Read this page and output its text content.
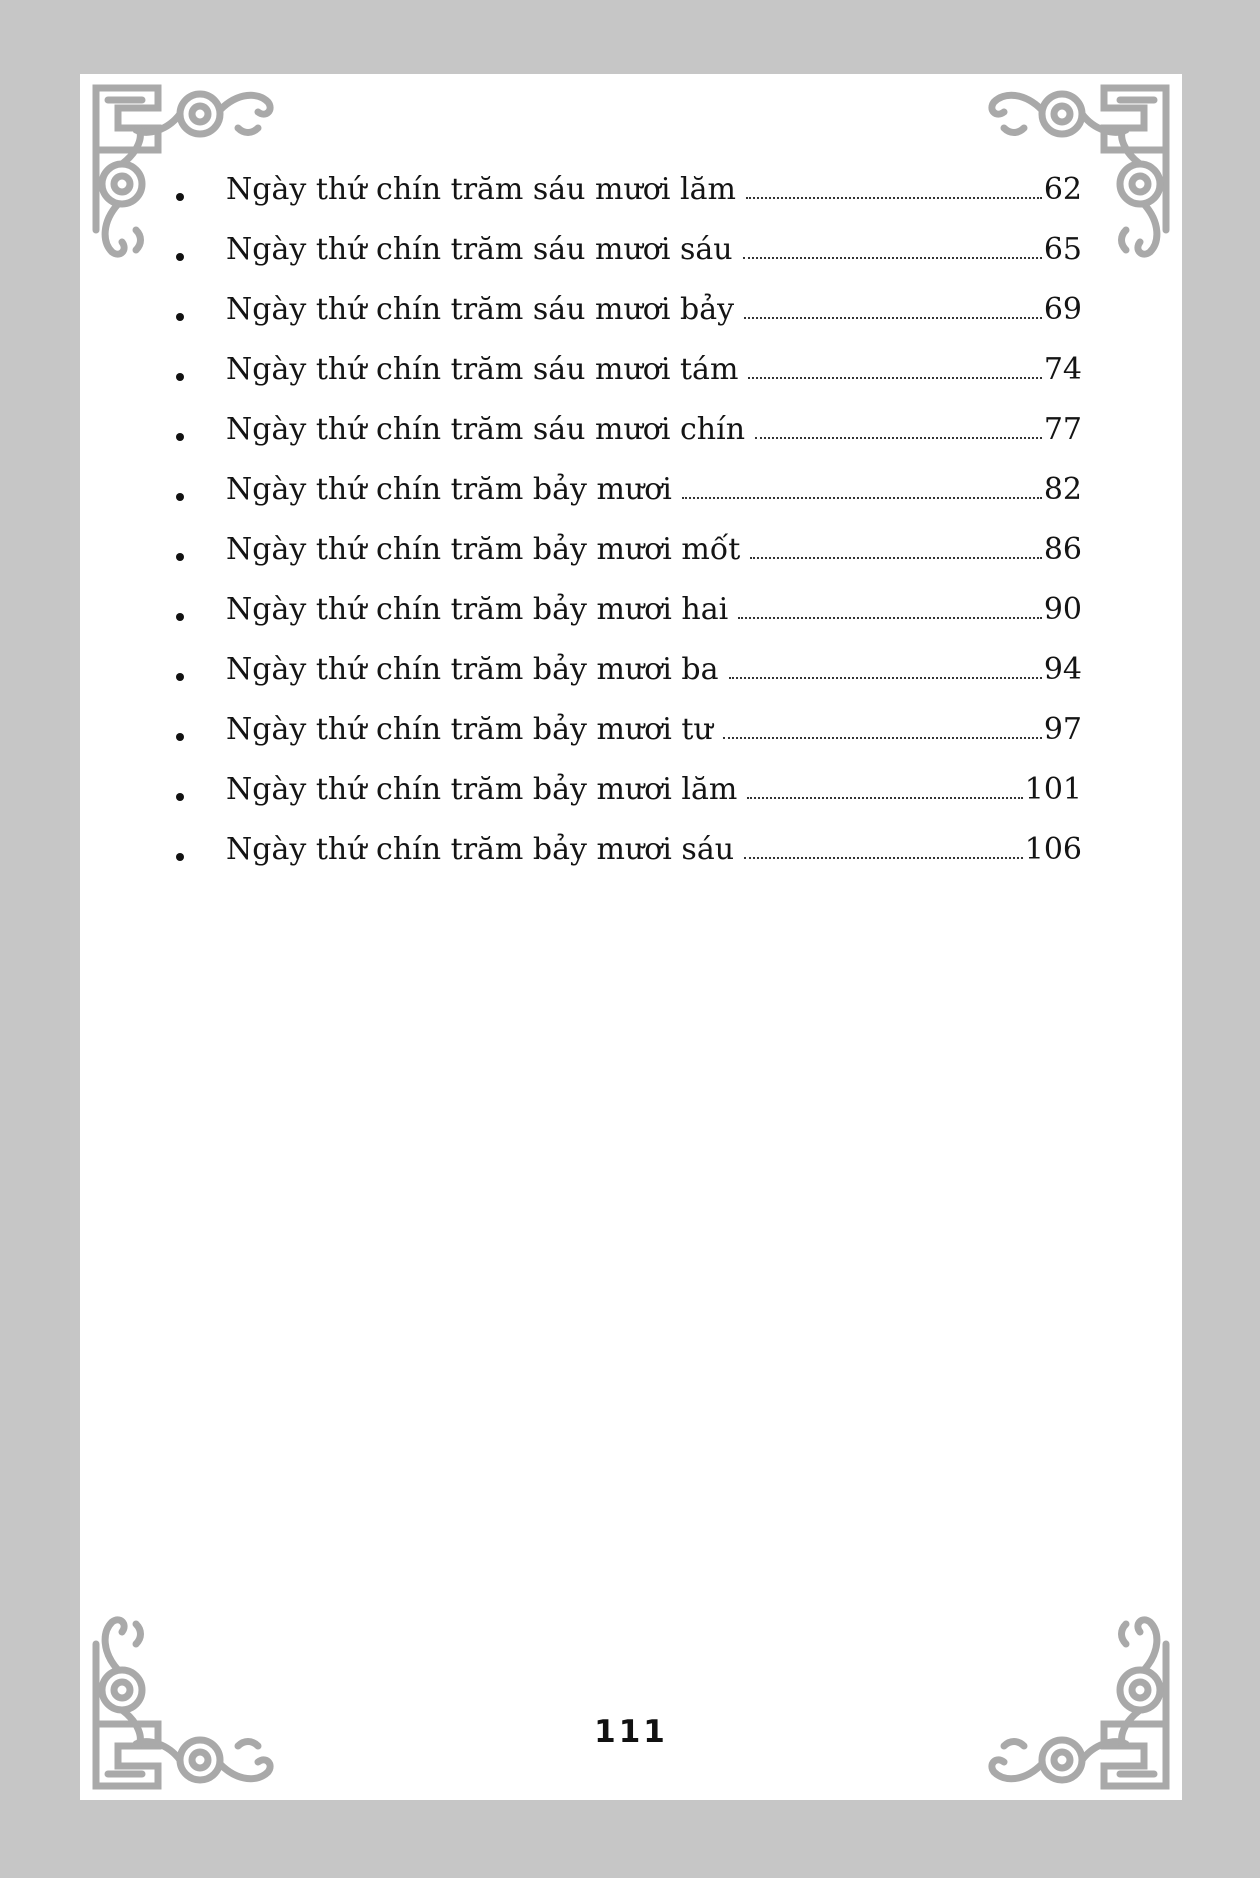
Ngày thứ chín trăm sáu mươi lăm	62
Ngày thứ chín trăm sáu mươi sáu	65
Ngày thứ chín trăm sáu mươi bảy	69
Ngày thứ chín trăm sáu mươi tám	74
Ngày thứ chín trăm sáu mươi chín	77
Ngày thứ chín trăm bảy mươi	82
Ngày thứ chín trăm bảy mươi mốt	86
Ngày thứ chín trăm bảy mươi hai	90
Ngày thứ chín trăm bảy mươi ba	94
Ngày thứ chín trăm bảy mươi tư	97
Ngày thứ chín trăm bảy mươi lăm	101
Ngày thứ chín trăm bảy mươi sáu	106
111
